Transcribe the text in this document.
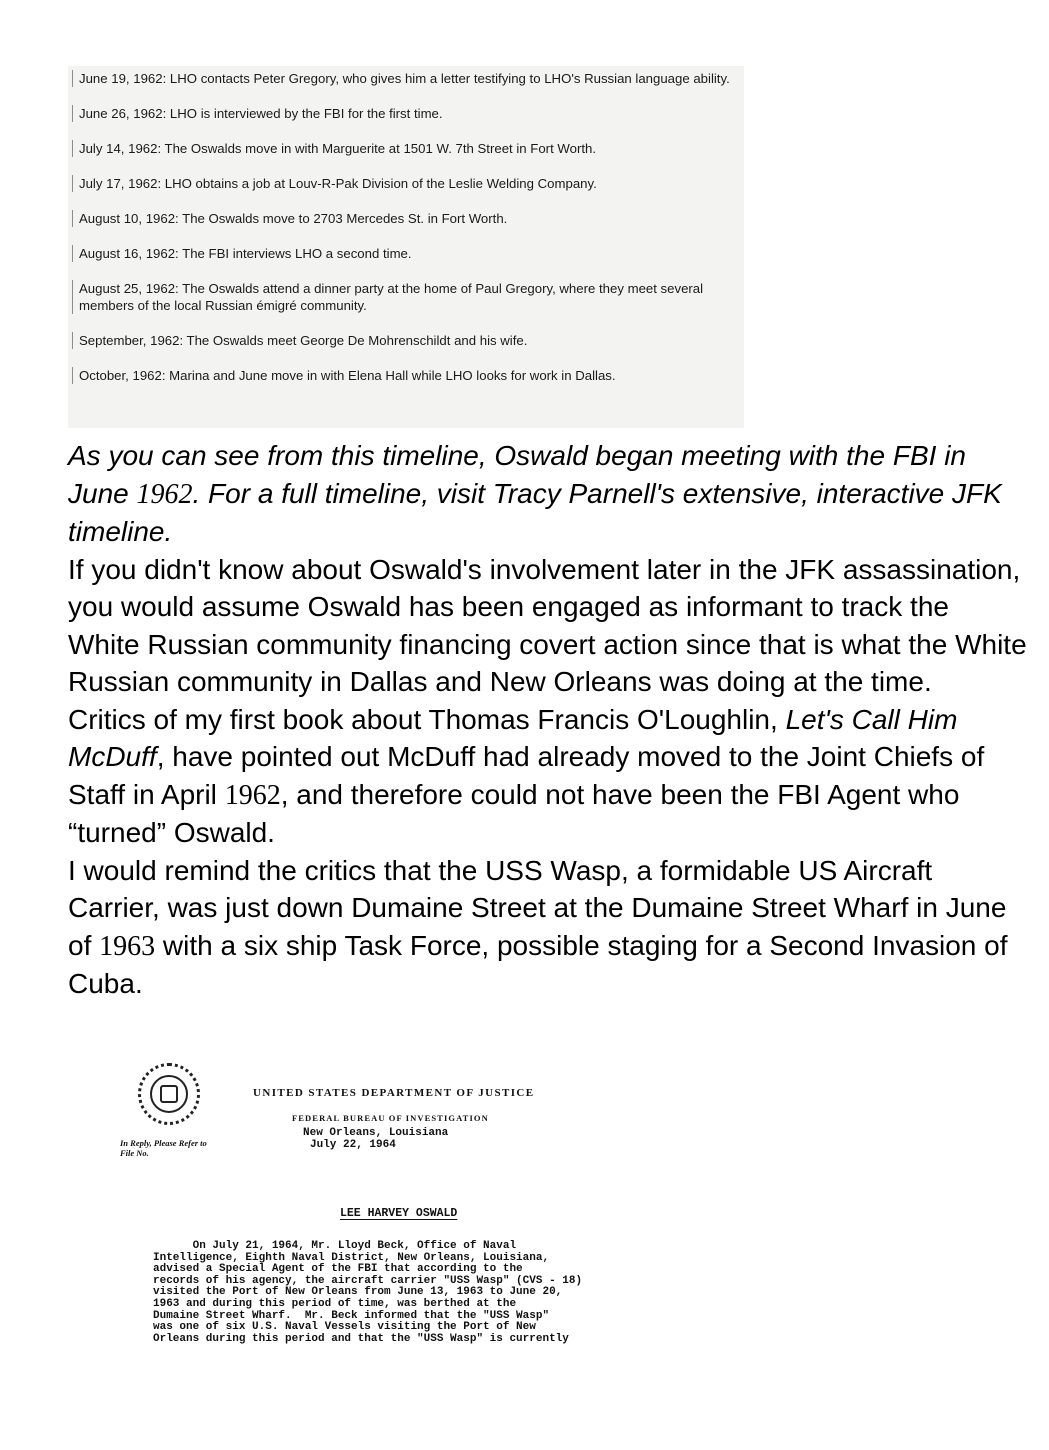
June 19, 1962: LHO contacts Peter Gregory, who gives him a letter testifying to LHO's Russian language ability.
June 26, 1962: LHO is interviewed by the FBI for the first time.
July 14, 1962: The Oswalds move in with Marguerite at 1501 W. 7th Street in Fort Worth.
July 17, 1962: LHO obtains a job at Louv-R-Pak Division of the Leslie Welding Company.
August 10, 1962: The Oswalds move to 2703 Mercedes St. in Fort Worth.
August 16, 1962: The FBI interviews LHO a second time.
August 25, 1962: The Oswalds attend a dinner party at the home of Paul Gregory, where they meet several members of the local Russian émigré community.
September, 1962: The Oswalds meet George De Mohrenschildt and his wife.
October, 1962: Marina and June move in with Elena Hall while LHO looks for work in Dallas.

As you can see from this timeline, Oswald began meeting with the FBI in June 1962. For a full timeline, visit Tracy Parnell's extensive, interactive JFK timeline.

If you didn't know about Oswald's involvement later in the JFK assassination, you would assume Oswald has been engaged as informant to track the White Russian community financing covert action since that is what the White Russian community in Dallas and New Orleans was doing at the time.

Critics of my first book about Thomas Francis O'Loughlin, Let's Call Him McDuff, have pointed out McDuff had already moved to the Joint Chiefs of Staff in April 1962, and therefore could not have been the FBI Agent who “turned” Oswald.

I would remind the critics that the USS Wasp, a formidable US Aircraft Carrier, was just down Dumaine Street at the Dumaine Street Wharf in June of 1963 with a six ship Task Force, possible staging for a Second Invasion of Cuba.

UNITED STATES DEPARTMENT OF JUSTICE
FEDERAL BUREAU OF INVESTIGATION
New Orleans, Louisiana
July 22, 1964
In Reply, Please Refer to
File No.
LEE HARVEY OSWALD
On July 21, 1964, Mr. Lloyd Beck, Office of Naval
Intelligence, Eighth Naval District, New Orleans, Louisiana,
advised a Special Agent of the FBI that according to the
records of his agency, the aircraft carrier "USS Wasp" (CVS - 18)
visited the Port of New Orleans from June 13, 1963 to June 20,
1963 and during this period of time, was berthed at the
Dumaine Street Wharf.  Mr. Beck informed that the "USS Wasp"
was one of six U.S. Naval Vessels visiting the Port of New
Orleans during this period and that the "USS Wasp" is currently
